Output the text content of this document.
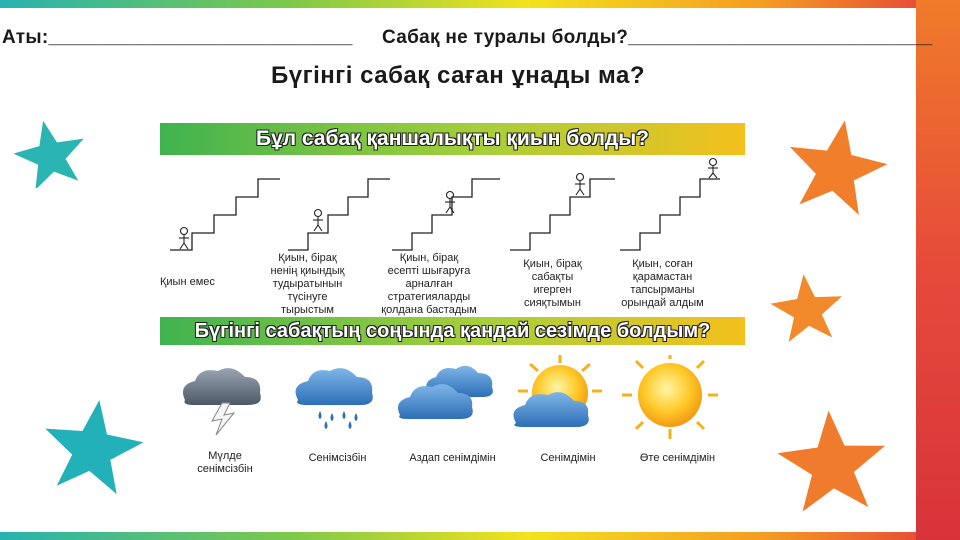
Аты:____________________________ Сабақ не туралы болды?____________________________
Бүгінгі сабақ саған ұнады ма?
Бұл сабақ қаншалықты қиын болды?
Қиын емес
Қиын, бірақ
ненің қиындық
тудыратынын
түсінуге
тырыстым
Қиын, бірақ
есепті шығаруға
арналған
стратегияларды
қолдана бастадым
Қиын, бірақ
сабақты
игерген
сияқтымын
Қиын, соған
қарамастан
тапсырманы
орындай алдым
Бүгінгі сабақтың соңында қандай сезімде болдым?
Мүлде
сенімсізбін
Сенімсізбін	Аздап сенімдімін	Сенімдімін	Өте сенімдімін
